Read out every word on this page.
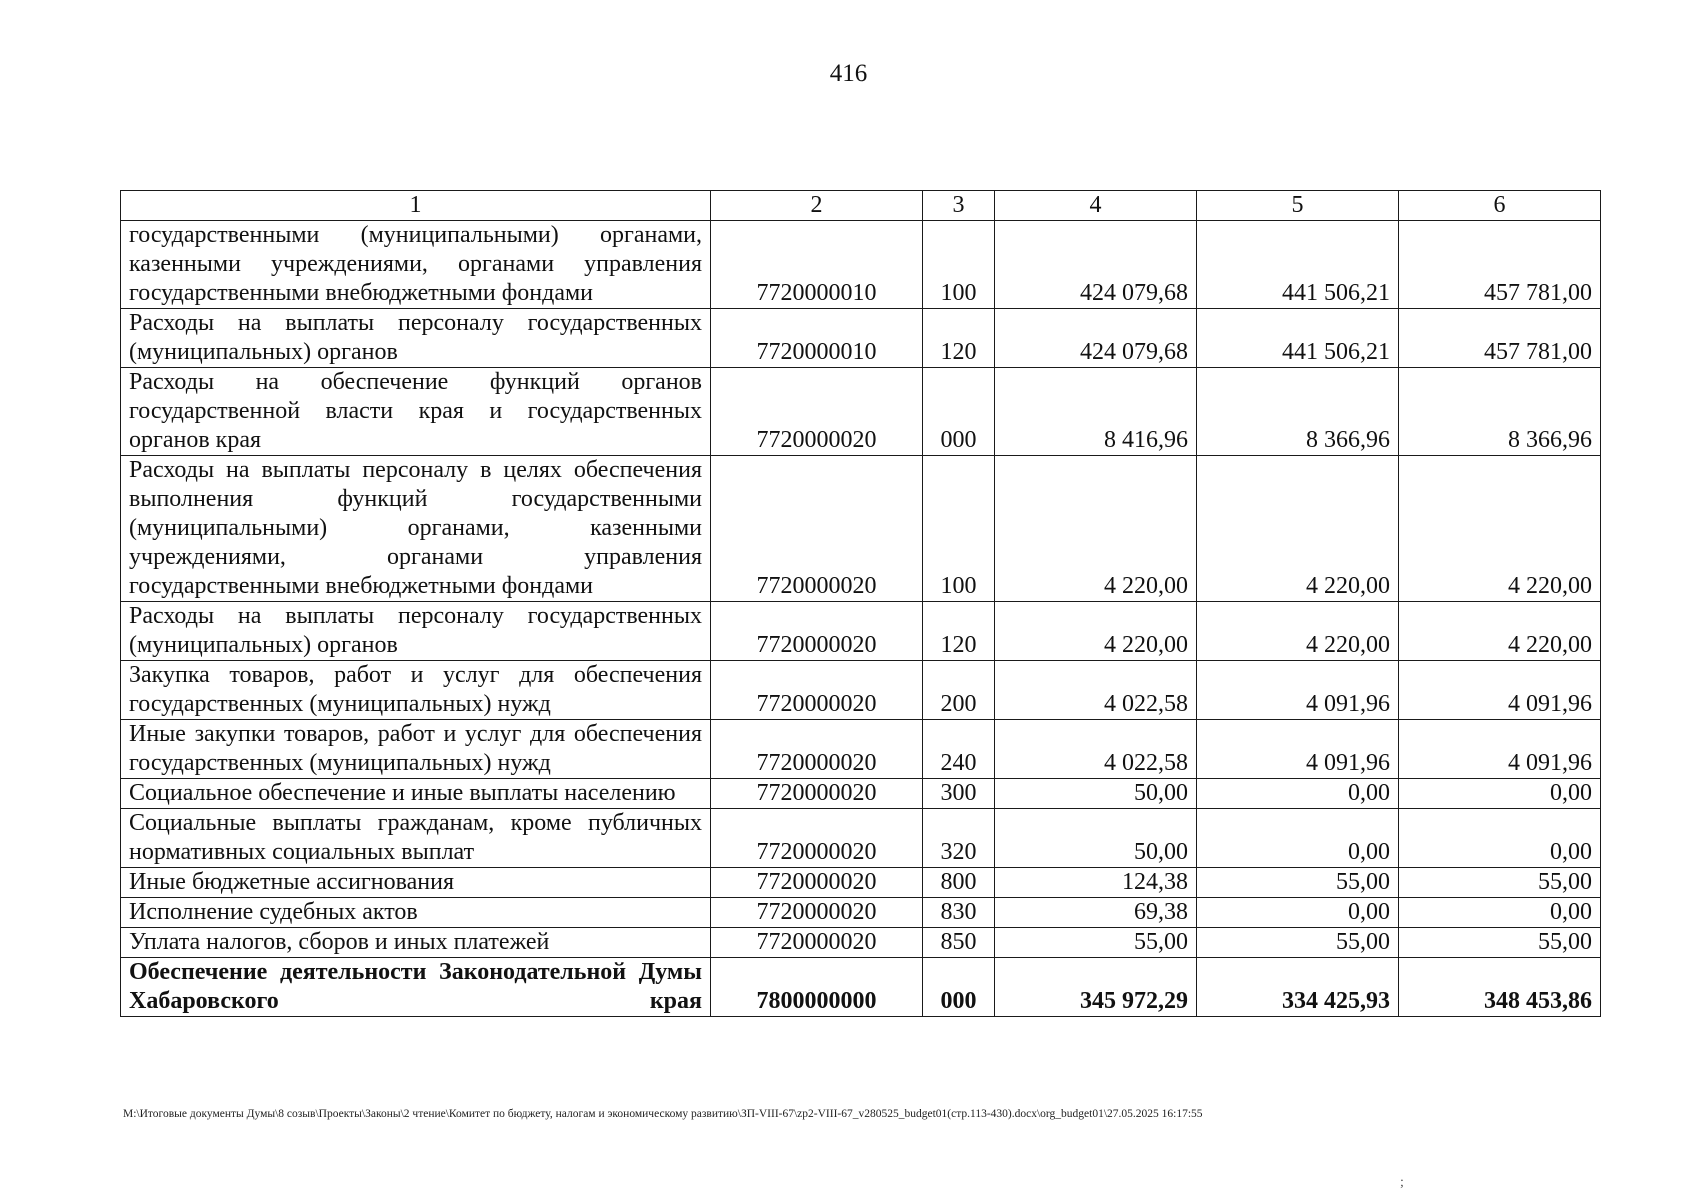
416
1	2	3	4	5	6
государственными (муниципальными) органами, казенными учреждениями, органами управления государственными внебюджетными фондами	7720000010	100	424 079,68	441 506,21	457 781,00
Расходы на выплаты персоналу государственных (муниципальных) органов	7720000010	120	424 079,68	441 506,21	457 781,00
Расходы на обеспечение функций органов государственной власти края и государственных органов края	7720000020	000	8 416,96	8 366,96	8 366,96
Расходы на выплаты персоналу в целях обеспечения выполнения функций государственными (муниципальными) органами, казенными учреждениями, органами управления государственными внебюджетными фондами	7720000020	100	4 220,00	4 220,00	4 220,00
Расходы на выплаты персоналу государственных (муниципальных) органов	7720000020	120	4 220,00	4 220,00	4 220,00
Закупка товаров, работ и услуг для обеспечения государственных (муниципальных) нужд	7720000020	200	4 022,58	4 091,96	4 091,96
Иные закупки товаров, работ и услуг для обеспечения государственных (муниципальных) нужд	7720000020	240	4 022,58	4 091,96	4 091,96
Социальное обеспечение и иные выплаты населению	7720000020	300	50,00	0,00	0,00
Социальные выплаты гражданам, кроме публичных нормативных социальных выплат	7720000020	320	50,00	0,00	0,00
Иные бюджетные ассигнования	7720000020	800	124,38	55,00	55,00
Исполнение судебных актов	7720000020	830	69,38	0,00	0,00
Уплата налогов, сборов и иных платежей	7720000020	850	55,00	55,00	55,00
Обеспечение деятельности Законодательной Думы Хабаровского края	7800000000	000	345 972,29	334 425,93	348 453,86
M:\Итоговые документы Думы\8 созыв\Проекты\Законы\2 чтение\Комитет по бюджету, налогам и экономическому развитию\ЗП-VIII-67\zp2-VIII-67_v280525_budget01(стр.113-430).docx\org_budget01\27.05.2025 16:17:55
;
